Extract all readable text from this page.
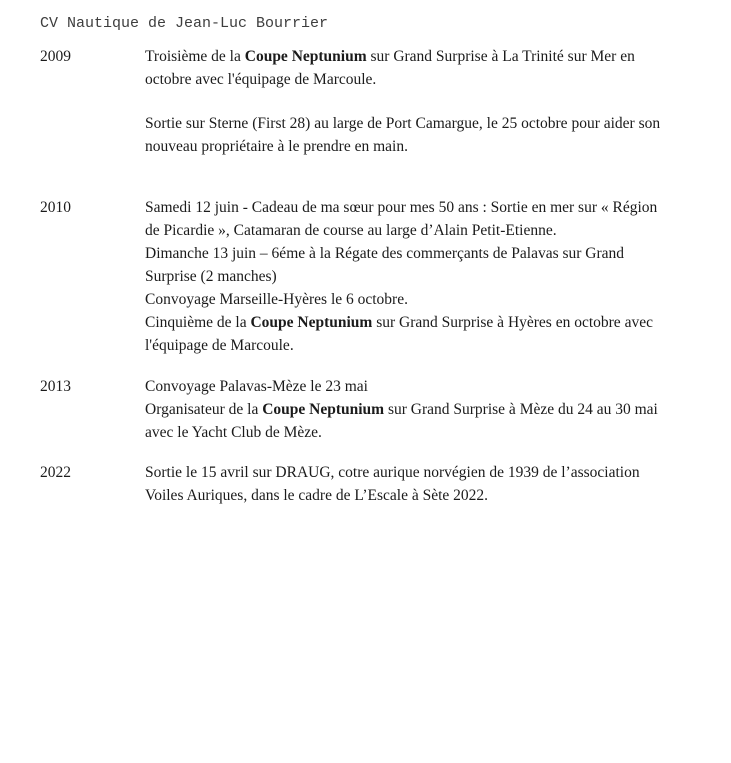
CV Nautique de Jean-Luc Bourrier
2009	Troisième de la Coupe Neptunium sur Grand Surprise à La Trinité sur Mer en
octobre avec l'équipage de Marcoule.
Sortie sur Sterne (First 28) au large de Port Camargue, le 25 octobre pour aider son
nouveau propriétaire à le prendre en main.
2010	Samedi 12 juin - Cadeau de ma sœur pour mes 50 ans : Sortie en mer sur « Région
de Picardie », Catamaran de course au large d’Alain Petit-Etienne.
Dimanche 13 juin – 6éme à la Régate des commerçants de Palavas sur Grand
Surprise (2 manches)
Convoyage Marseille-Hyères le 6 octobre.
Cinquième de la Coupe Neptunium sur Grand Surprise à Hyères en octobre avec
l'équipage de Marcoule.
2013	Convoyage Palavas-Mèze le 23 mai
Organisateur de la Coupe Neptunium sur Grand Surprise à Mèze du 24 au 30 mai
avec le Yacht Club de Mèze.
2022	Sortie le 15 avril sur DRAUG, cotre aurique norvégien de 1939 de l’association
Voiles Auriques, dans le cadre de L’Escale à Sète 2022.
